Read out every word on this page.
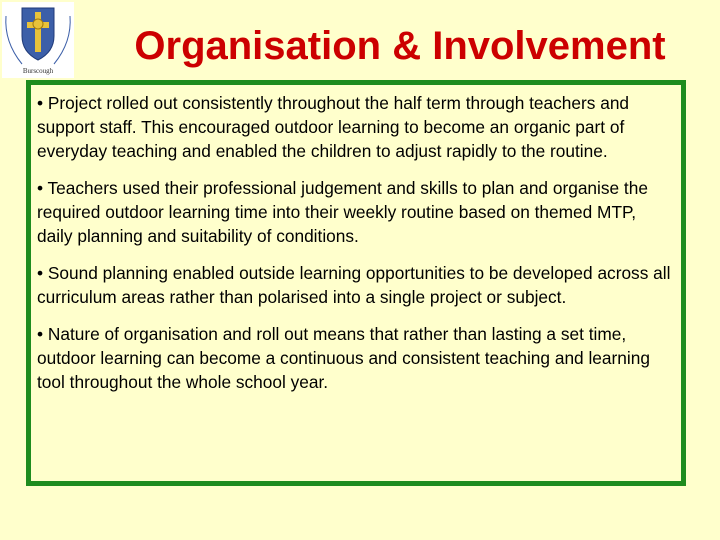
Burscough
Organisation & Involvement

• Project rolled out consistently throughout the half term through teachers and support staff. This encouraged outdoor learning to become an organic part of everyday teaching and enabled the children to adjust rapidly to the routine.

• Teachers used their professional judgement and skills to plan and organise the required outdoor learning time into their weekly routine based on themed MTP, daily planning and suitability of conditions.

• Sound planning enabled outside learning opportunities to be developed across all curriculum areas rather than polarised into a single project or subject.

• Nature of organisation and roll out means that rather than lasting a set time, outdoor learning can become a continuous and consistent teaching and learning tool throughout the whole school year.
